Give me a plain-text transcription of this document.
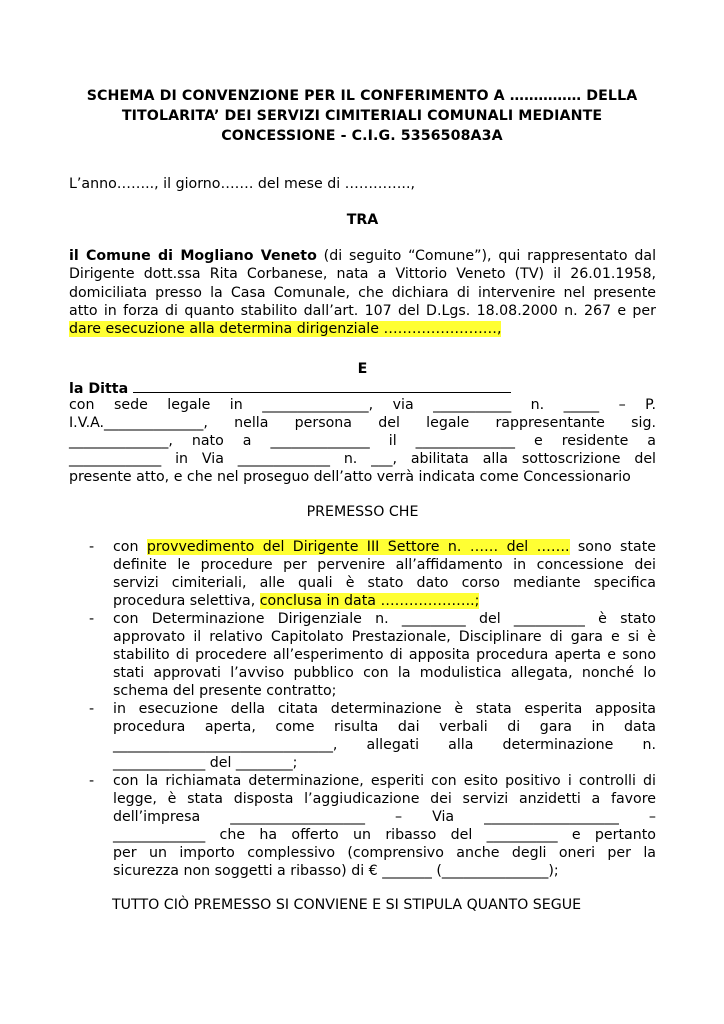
SCHEMA DI CONVENZIONE PER IL CONFERIMENTO A …………… DELLA
TITOLARITA’ DEI SERVIZI CIMITERIALI COMUNALI MEDIANTE
CONCESSIONE - C.I.G. 5356508A3A
L’anno…….., il giorno……. del mese di …………..,
TRA
il Comune di Mogliano Veneto (di seguito “Comune”), qui rappresentato dal
Dirigente dott.ssa Rita Corbanese, nata a Vittorio Veneto (TV) il 26.01.1958,
domiciliata presso la Casa Comunale, che dichiara di intervenire nel presente
atto in forza di quanto stabilito dall’art. 107 del D.Lgs. 18.08.2000 n. 267 e per
dare esecuzione alla determina dirigenziale ……………………,
E
la Ditta
con sede legale in _______________, via ___________ n. _____ – P.
I.V.A.______________, nella persona del legale rappresentante sig.
______________, nato a ______________ il ______________ e residente a
_____________ in Via _____________ n. ___, abilitata alla sottoscrizione del
presente atto, e che nel proseguo dell’atto verrà indicata come Concessionario
PREMESSO CHE
- con provvedimento del Dirigente III Settore n. …… del ……. sono state
definite le procedure per pervenire all’affidamento in concessione dei
servizi cimiteriali, alle quali è stato dato corso mediante specifica
procedura selettiva, conclusa in data ………………..;
- con Determinazione Dirigenziale n. _________ del __________ è stato
approvato il relativo Capitolato Prestazionale, Disciplinare di gara e si è
stabilito di procedere all’esperimento di apposita procedura aperta e sono
stati approvati l’avviso pubblico con la modulistica allegata, nonché lo
schema del presente contratto;
- in esecuzione della citata determinazione è stata esperita apposita
procedura aperta, come risulta dai verbali di gara in data
_______________________________, allegati alla determinazione n.
_____________ del ________;
- con la richiamata determinazione, esperiti con esito positivo i controlli di
legge, è stata disposta l’aggiudicazione dei servizi anzidetti a favore
dell’impresa ___________________ – Via ___________________ –
_____________ che ha offerto un ribasso del __________ e pertanto
per un importo complessivo (comprensivo anche degli oneri per la
sicurezza non soggetti a ribasso) di € _______ (_______________);
TUTTO CIÒ PREMESSO SI CONVIENE E SI STIPULA QUANTO SEGUE
